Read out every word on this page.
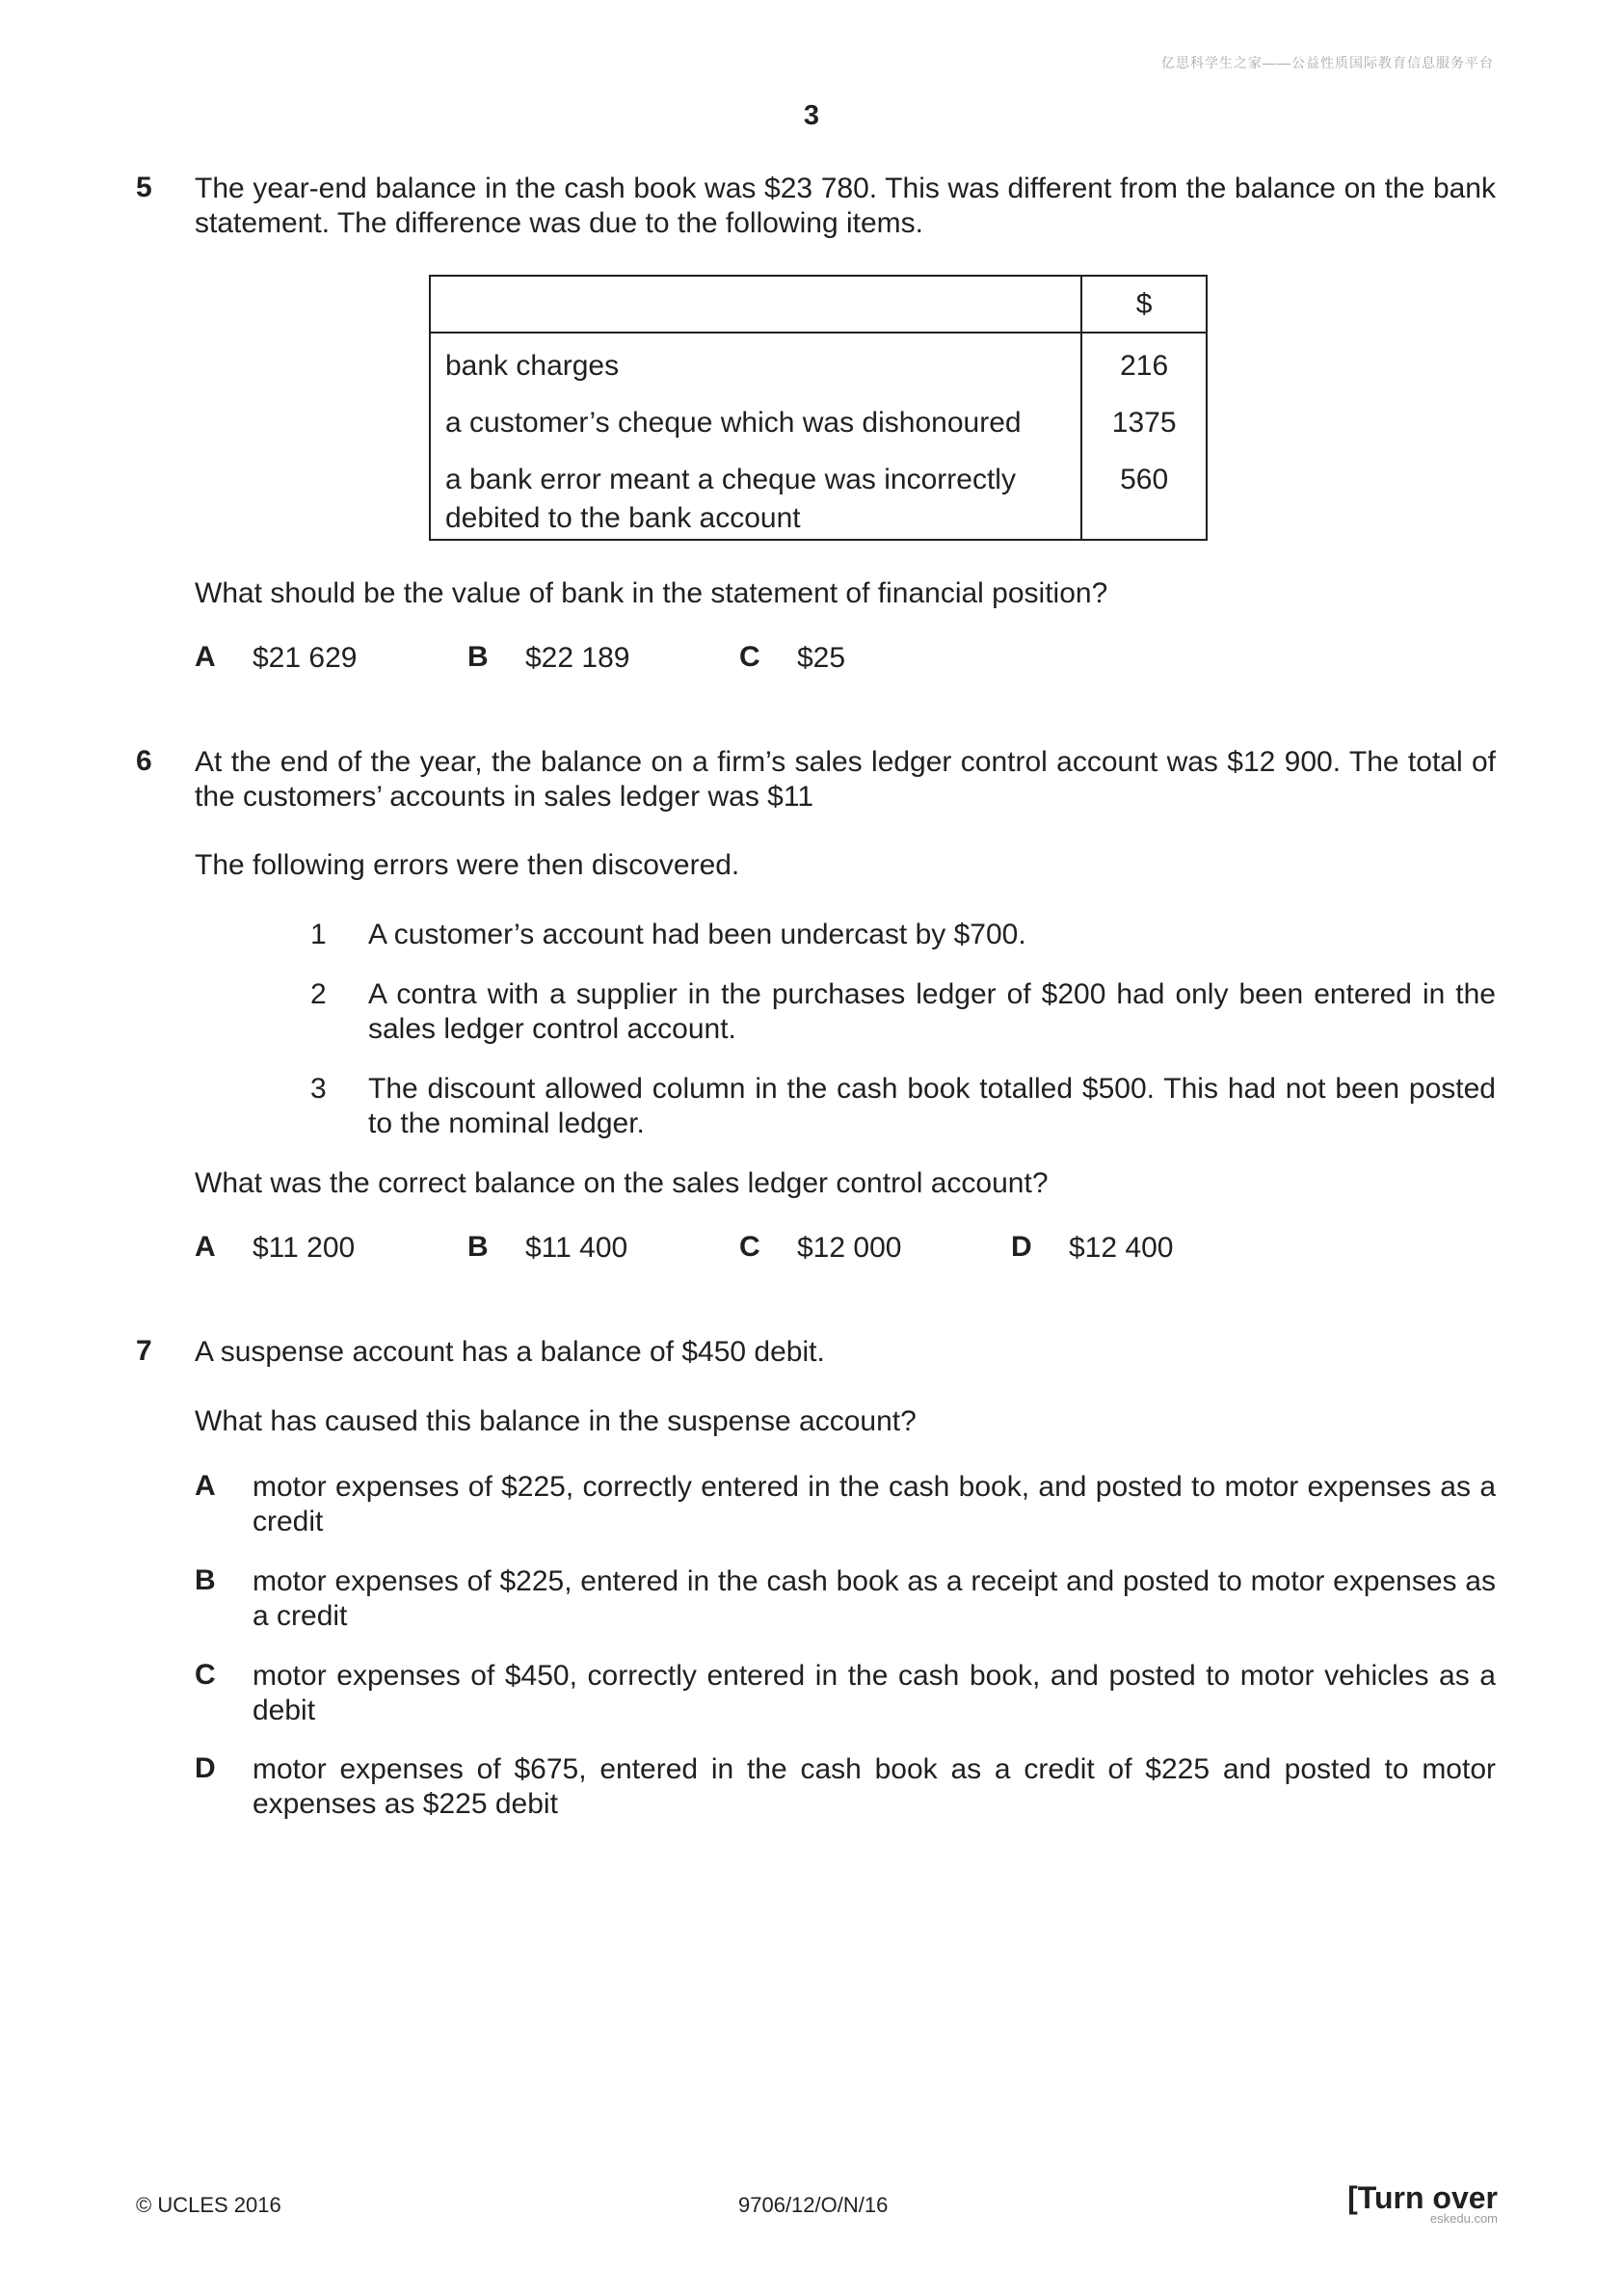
亿思科学生之家——公益性质国际教育信息服务平台
3
5 The year-end balance in the cash book was $23 780. This was different from the balance on the bank statement. The difference was due to the following items.
	$
bank charges	216
a customer’s cheque which was dishonoured	1375
a bank error meant a cheque was incorrectly debited to the bank account	560
What should be the value of bank in the statement of financial position?
A $21 629	B $22 189	C $25
6 At the end of the year, the balance on a firm’s sales ledger control account was $12 900. The total of the customers’ accounts in sales ledger was $11
The following errors were then discovered.
1 A customer’s account had been undercast by $700.
2 A contra with a supplier in the purchases ledger of $200 had only been entered in the sales ledger control account.
3 The discount allowed column in the cash book totalled $500. This had not been posted to the nominal ledger.
What was the correct balance on the sales ledger control account?
A $11 200	B $11 400	C $12 000	D $12 400
7 A suspense account has a balance of $450 debit.
What has caused this balance in the suspense account?
A motor expenses of $225, correctly entered in the cash book, and posted to motor expenses as a credit
B motor expenses of $225, entered in the cash book as a receipt and posted to motor expenses as a credit
C motor expenses of $450, correctly entered in the cash book, and posted to motor vehicles as a debit
D motor expenses of $675, entered in the cash book as a credit of $225 and posted to motor expenses as $225 debit
© UCLES 2016	9706/12/O/N/16	[Turn over
eskedu.com
